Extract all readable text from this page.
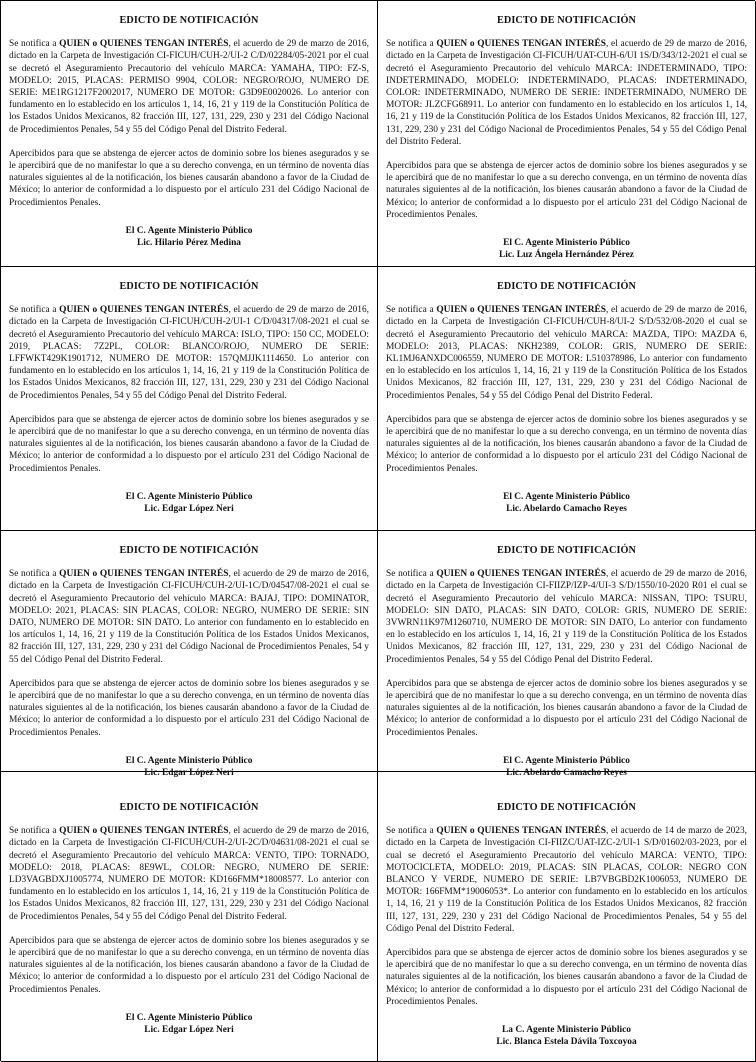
EDICTO DE NOTIFICACIÓN

Se notifica a QUIEN o QUIENES TENGAN INTERÉS, el acuerdo de 29 de marzo de 2016, dictado en la Carpeta de Investigación CI-FICUH/CUH-2/UI-2 C/D/02284/05-2021 por el cual se decretó el Aseguramiento Precautorio del vehículo MARCA: YAMAHA, TIPO: FZ-S, MODELO: 2015, PLACAS: PERMISO 9904, COLOR: NEGRO/ROJO, NUMERO DE SERIE: ME1RG1217F2002017, NUMERO DE MOTOR: G3D9E0020026. Lo anterior con fundamento en lo establecido en los artículos 1, 14, 16, 21 y 119 de la Constitución Política de los Estados Unidos Mexicanos, 82 fracción III, 127, 131, 229, 230 y 231 del Código Nacional de Procedimientos Penales, 54 y 55 del Código Penal del Distrito Federal.

Apercibidos para que se abstenga de ejercer actos de dominio sobre los bienes asegurados y se le apercibirá que de no manifestar lo que a su derecho convenga, en un término de noventa días naturales siguientes al de la notificación, los bienes causarán abandono a favor de la Ciudad de México; lo anterior de conformidad a lo dispuesto por el artículo 231 del Código Nacional de Procedimientos Penales.

El C. Agente Ministerio Público
Lic. Hilario Pérez Medina
EDICTO DE NOTIFICACIÓN

Se notifica a QUIEN o QUIENES TENGAN INTERÉS, el acuerdo de 29 de marzo de 2016, dictado en la Carpeta de Investigación CI-FICUH/UAT-CUH-6/UI 1S/D/343/12-2021 el cual se decretó el Aseguramiento Precautorio del vehículo MARCA: INDETERMINADO, TIPO: INDETERMINADO, MODELO: INDETERMINADO, PLACAS: INDETERMINADO, COLOR: INDETERMINADO, NUMERO DE SERIE: INDETERMINADO, NUMERO DE MOTOR: JLZCFG68911. Lo anterior con fundamento en lo establecido en los artículos 1, 14, 16, 21 y 119 de la Constitución Política de los Estados Unidos Mexicanos, 82 fracción III, 127, 131, 229, 230 y 231 del Código Nacional de Procedimientos Penales, 54 y 55 del Código Penal del Distrito Federal.

Apercibidos para que se abstenga de ejercer actos de dominio sobre los bienes asegurados y se le apercibirá que de no manifestar lo que a su derecho convenga, en un término de noventa días naturales siguientes al de la notificación, los bienes causarán abandono a favor de la Ciudad de México; lo anterior de conformidad a lo dispuesto por el artículo 231 del Código Nacional de Procedimientos Penales.

El C. Agente Ministerio Público
Lic. Luz Ángela Hernández Pérez
EDICTO DE NOTIFICACIÓN

Se notifica a QUIEN o QUIENES TENGAN INTERÉS, el acuerdo de 29 de marzo de 2016, dictado en la Carpeta de Investigación CI-FICUH/CUH-2/UI-1 C/D/04317/08-2021 el cual se decretó el Aseguramiento Precautorio del vehículo MARCA: ISLO, TIPO: 150 CC, MODELO: 2019, PLACAS: 7Z2PL, COLOR: BLANCO/ROJO, NUMERO DE SERIE: LFFWKT429K1901712, NUMERO DE MOTOR: 157QMJJK1114650. Lo anterior con fundamento en lo establecido en los artículos 1, 14, 16, 21 y 119 de la Constitución Política de los Estados Unidos Mexicanos, 82 fracción III, 127, 131, 229, 230 y 231 del Código Nacional de Procedimientos Penales, 54 y 55 del Código Penal del Distrito Federal.

Apercibidos para que se abstenga de ejercer actos de dominio sobre los bienes asegurados y se le apercibirá que de no manifestar lo que a su derecho convenga, en un término de noventa días naturales siguientes al de la notificación, los bienes causarán abandono a favor de la Ciudad de México; lo anterior de conformidad a lo dispuesto por el artículo 231 del Código Nacional de Procedimientos Penales.

El C. Agente Ministerio Público
Lic. Edgar López Neri
EDICTO DE NOTIFICACIÓN

Se notifica a QUIEN o QUIENES TENGAN INTERÉS, el acuerdo de 29 de marzo de 2016, dictado en la Carpeta de Investigación CI-FICUH/CUH-8/UI-2 S/D/532/08-2020 el cual se decretó el Aseguramiento Precautorio del vehículo MARCA: MAZDA, TIPO: MAZDA 6, MODELO: 2013, PLACAS: NKH2389, COLOR: GRIS, NUMERO DE SERIE: KL1MJ6ANXDC006559, NUMERO DE MOTOR: L510378986, Lo anterior con fundamento en lo establecido en los artículos 1, 14, 16, 21 y 119 de la Constitución Política de los Estados Unidos Mexicanos, 82 fracción III, 127, 131, 229, 230 y 231 del Código Nacional de Procedimientos Penales, 54 y 55 del Código Penal del Distrito Federal.

Apercibidos para que se abstenga de ejercer actos de dominio sobre los bienes asegurados y se le apercibirá que de no manifestar lo que a su derecho convenga, en un término de noventa días naturales siguientes al de la notificación, los bienes causarán abandono a favor de la Ciudad de México; lo anterior de conformidad a lo dispuesto por el artículo 231 del Código Nacional de Procedimientos Penales.

El C. Agente Ministerio Público
Lic. Abelardo Camacho Reyes
EDICTO DE NOTIFICACIÓN

Se notifica a QUIEN o QUIENES TENGAN INTERÉS, el acuerdo de 29 de marzo de 2016, dictado en la Carpeta de Investigación CI-FICUH/CUH-2/UI-1C/D/04547/08-2021 el cual se decretó el Aseguramiento Precautorio del vehículo MARCA: BAJAJ, TIPO: DOMINATOR, MODELO: 2021, PLACAS: SIN PLACAS, COLOR: NEGRO, NUMERO DE SERIE: SIN DATO, NUMERO DE MOTOR: SIN DATO. Lo anterior con fundamento en lo establecido en los artículos 1, 14, 16, 21 y 119 de la Constitución Política de los Estados Unidos Mexicanos, 82 fracción III, 127, 131, 229, 230 y 231 del Código Nacional de Procedimientos Penales, 54 y 55 del Código Penal del Distrito Federal.

Apercibidos para que se abstenga de ejercer actos de dominio sobre los bienes asegurados y se le apercibirá que de no manifestar lo que a su derecho convenga, en un término de noventa días naturales siguientes al de la notificación, los bienes causarán abandono a favor de la Ciudad de México; lo anterior de conformidad a lo dispuesto por el artículo 231 del Código Nacional de Procedimientos Penales.

El C. Agente Ministerio Público
Lic. Edgar López Neri
EDICTO DE NOTIFICACIÓN

Se notifica a QUIEN o QUIENES TENGAN INTERÉS, el acuerdo de 29 de marzo de 2016, dictado en la Carpeta de Investigación CI-FIIZP/IZP-4/UI-3 S/D/1550/10-2020 R01 el cual se decretó el Aseguramiento Precautorio del vehículo MARCA: NISSAN, TIPO: TSURU, MODELO: SIN DATO, PLACAS: SIN DATO, COLOR: GRIS, NUMERO DE SERIE: 3VWRN11K97M1260710, NUMERO DE MOTOR: SIN DATO, Lo anterior con fundamento en lo establecido en los artículos 1, 14, 16, 21 y 119 de la Constitución Política de los Estados Unidos Mexicanos, 82 fracción III, 127, 131, 229, 230 y 231 del Código Nacional de Procedimientos Penales, 54 y 55 del Código Penal del Distrito Federal.

Apercibidos para que se abstenga de ejercer actos de dominio sobre los bienes asegurados y se le apercibirá que de no manifestar lo que a su derecho convenga, en un término de noventa días naturales siguientes al de la notificación, los bienes causarán abandono a favor de la Ciudad de México; lo anterior de conformidad a lo dispuesto por el artículo 231 del Código Nacional de Procedimientos Penales.

El C. Agente Ministerio Público
Lic. Abelardo Camacho Reyes
EDICTO DE NOTIFICACIÓN

Se notifica a QUIEN o QUIENES TENGAN INTERÉS, el acuerdo de 29 de marzo de 2016, dictado en la Carpeta de Investigación CI-FICUH/CUH-2/UI-2C/D/04631/08-2021 el cual se decretó el Aseguramiento Precautorio del vehículo MARCA: VENTO, TIPO: TORNADO, MODELO: 2018, PLACAS: 8E9WL, COLOR: NEGRO, NUMERO DE SERIE: LD3VAGBDXJ1005774, NUMERO DE MOTOR: KD166FMM*18008577. Lo anterior con fundamento en lo establecido en los artículos 1, 14, 16, 21 y 119 de la Constitución Política de los Estados Unidos Mexicanos, 82 fracción III, 127, 131, 229, 230 y 231 del Código Nacional de Procedimientos Penales, 54 y 55 del Código Penal del Distrito Federal.

Apercibidos para que se abstenga de ejercer actos de dominio sobre los bienes asegurados y se le apercibirá que de no manifestar lo que a su derecho convenga, en un término de noventa días naturales siguientes al de la notificación, los bienes causarán abandono a favor de la Ciudad de México; lo anterior de conformidad a lo dispuesto por el artículo 231 del Código Nacional de Procedimientos Penales.

El C. Agente Ministerio Público
Lic. Edgar López Neri
EDICTO DE NOTIFICACIÓN

Se notifica a QUIEN o QUIENES TENGAN INTERÉS, el acuerdo de 14 de marzo de 2023, dictado en la Carpeta de Investigación CI-FIIZC/UAT-IZC-2/UI-1 S/D/01602/03-2023, por el cual se decretó el Aseguramiento Precautorio del vehículo MARCA: VENTO, TIPO: MOTOCICLETA, MODELO: 2019, PLACAS: SIN PLACAS, COLOR: NEGRO CON BLANCO Y VERDE, NUMERO DE SERIE: LB7VBGBD2K1006053, NUMERO DE MOTOR: 166FMM*19006053*. Lo anterior con fundamento en lo establecido en los artículos 1, 14, 16, 21 y 119 de la Constitución Política de los Estados Unidos Mexicanos, 82 fracción III, 127, 131, 229, 230 y 231 del Código Nacional de Procedimientos Penales, 54 y 55 del Código Penal del Distrito Federal.

Apercibidos para que se abstenga de ejercer actos de dominio sobre los bienes asegurados y se le apercibirá que de no manifestar lo que a su derecho convenga, en un término de noventa días naturales siguientes al de la notificación, los bienes causarán abandono a favor de la Ciudad de México; lo anterior de conformidad a lo dispuesto por el artículo 231 del Código Nacional de Procedimientos Penales.

La C. Agente Ministerio Público
Lic. Blanca Estela Dávila Toxcoyoa
